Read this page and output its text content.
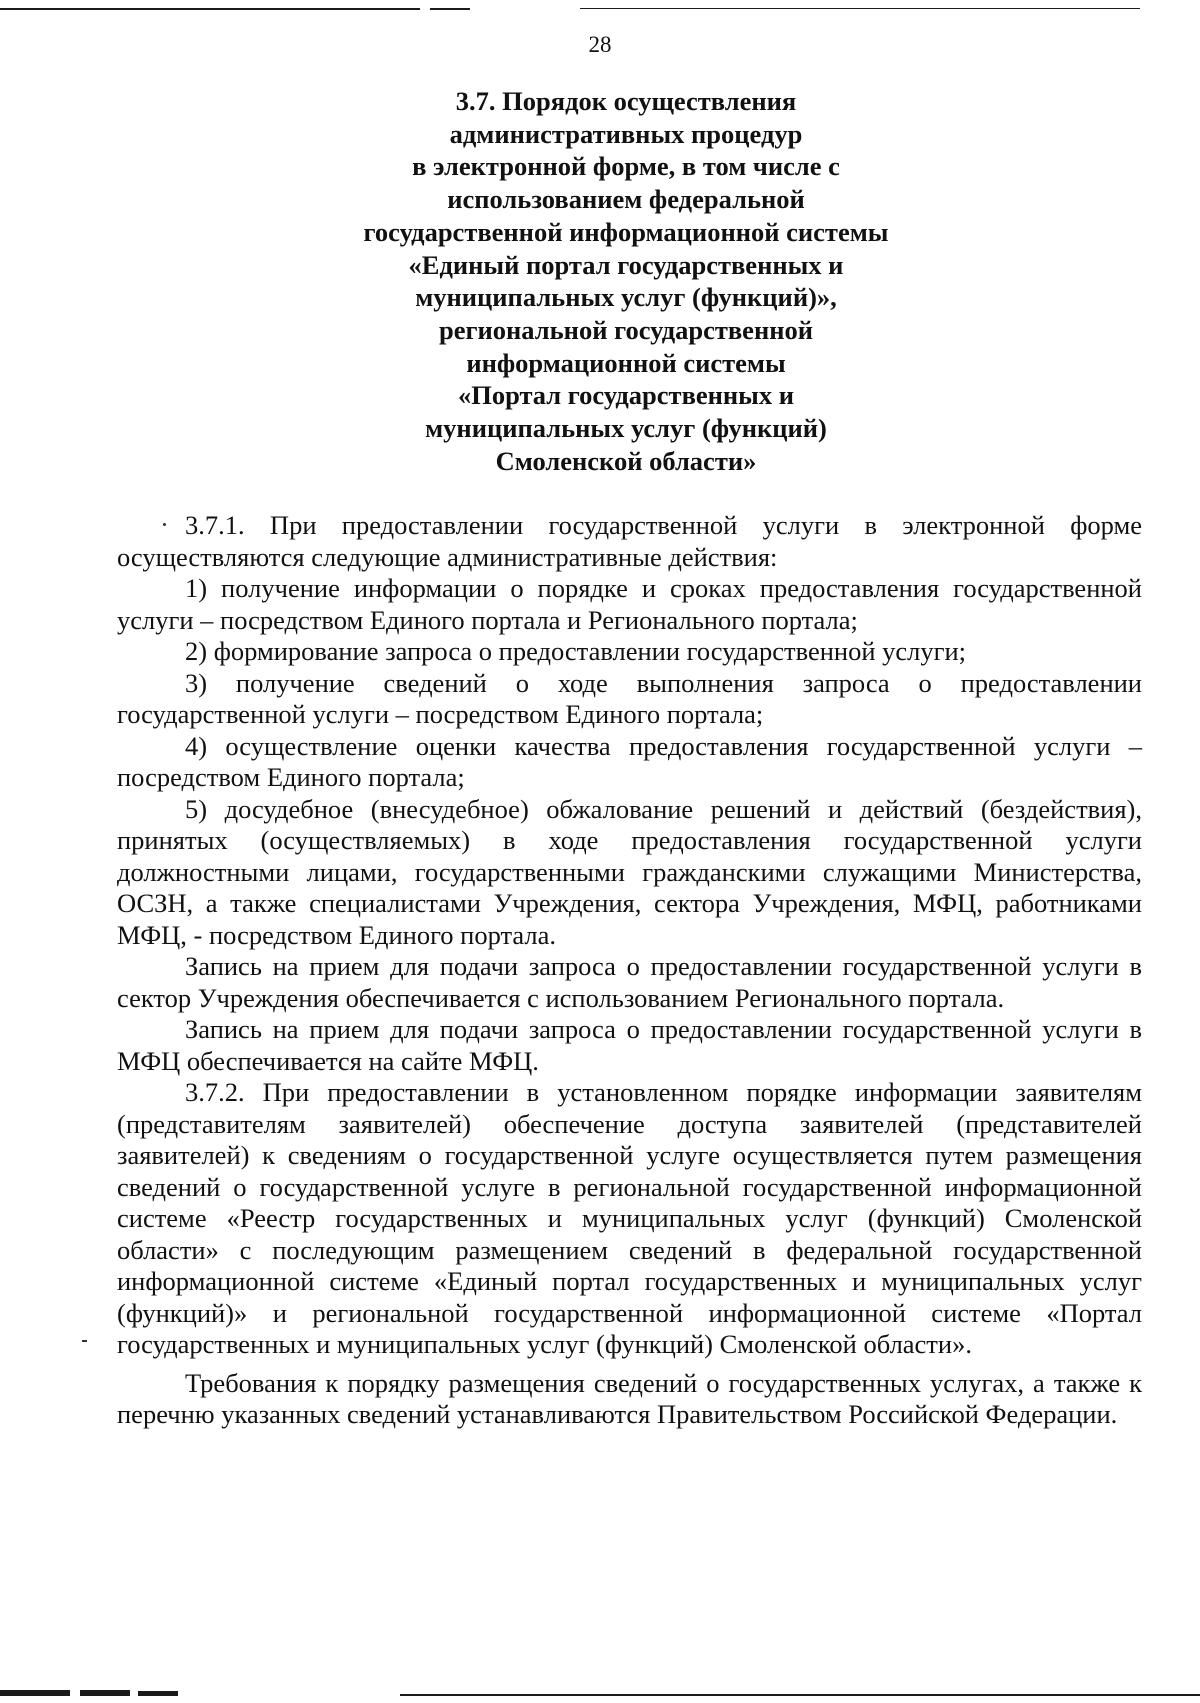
28
3.7. Порядок осуществления
административных процедур
в электронной форме, в том числе с
использованием федеральной
государственной информационной системы
«Единый портал государственных и
муниципальных услуг (функций)»,
региональной государственной
информационной системы
«Портал государственных и
муниципальных услуг (функций)
Смоленской области»

3.7.1. При предоставлении государственной услуги в электронной форме осуществляются следующие административные действия:

1) получение информации о порядке и сроках предоставления государственной услуги – посредством Единого портала и Регионального портала;

2) формирование запроса о предоставлении государственной услуги;

3) получение сведений о ходе выполнения запроса о предоставлении государственной услуги – посредством Единого портала;

4) осуществление оценки качества предоставления государственной услуги – посредством Единого портала;

5) досудебное (внесудебное) обжалование решений и действий (бездействия), принятых (осуществляемых) в ходе предоставления государственной услуги должностными лицами, государственными гражданскими служащими Министерства, ОСЗН, а также специалистами Учреждения, сектора Учреждения, МФЦ, работниками МФЦ, - посредством Единого портала.

Запись на прием для подачи запроса о предоставлении государственной услуги в сектор Учреждения обеспечивается с использованием Регионального портала.

Запись на прием для подачи запроса о предоставлении государственной услуги в МФЦ обеспечивается на сайте МФЦ.

3.7.2. При предоставлении в установленном порядке информации заявителям (представителям заявителей) обеспечение доступа заявителей (представителей заявителей) к сведениям о государственной услуге осуществляется путем размещения сведений о государственной услуге в региональной государственной информационной системе «Реестр государственных и муниципальных услуг (функций) Смоленской области» с последующим размещением сведений в федеральной государственной информационной системе «Единый портал государственных и муниципальных услуг (функций)» и региональной государственной информационной системе «Портал государственных и муниципальных услуг (функций) Смоленской области».

Требования к порядку размещения сведений о государственных услугах, а также к перечню указанных сведений устанавливаются Правительством Российской Федерации.
